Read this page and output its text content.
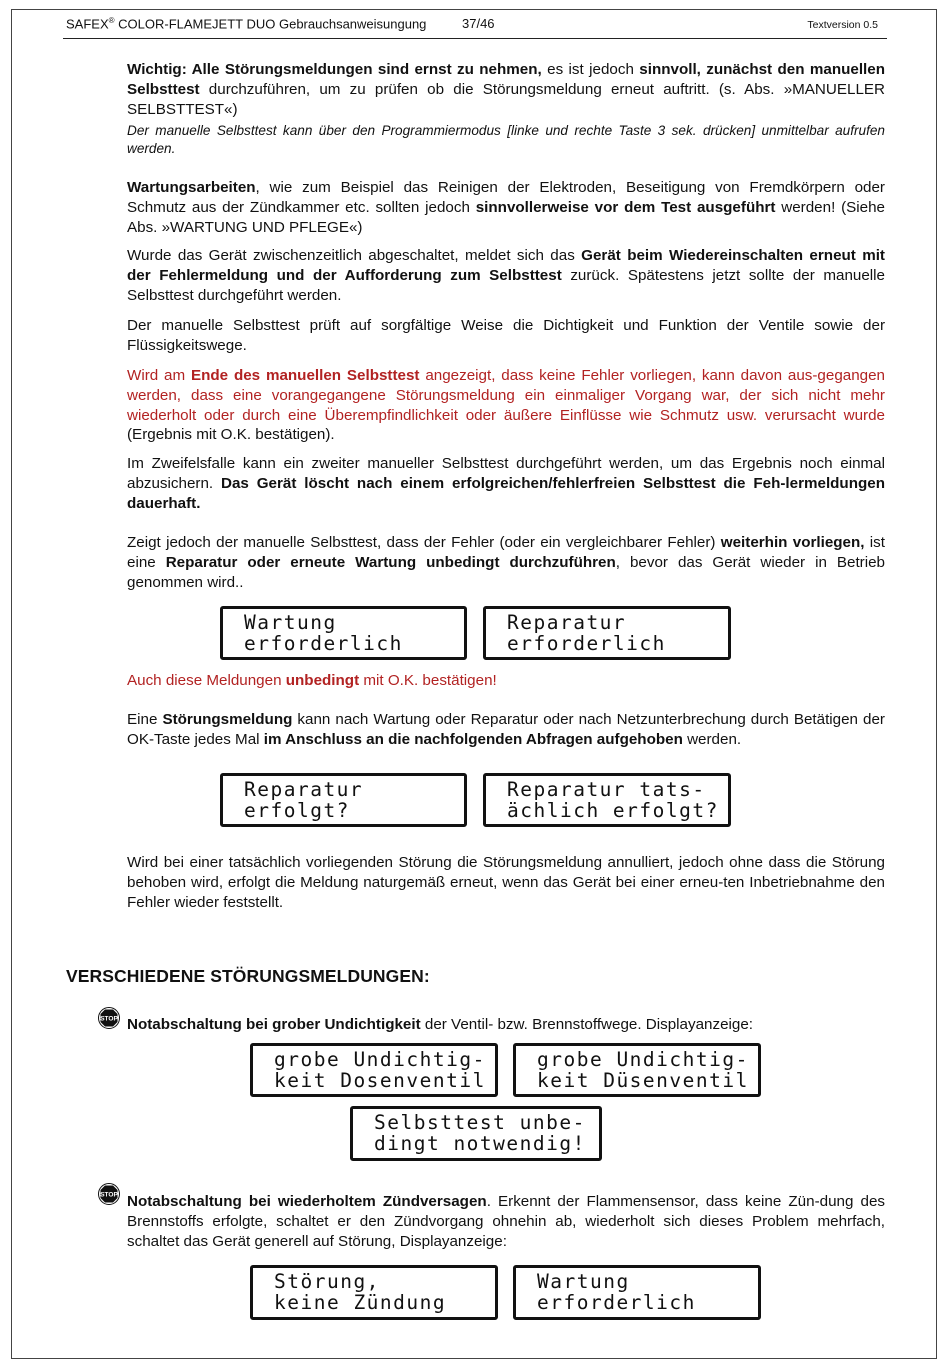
SAFEX® COLOR-FLAMEJETT DUO Gebrauchsanweisungung	37/46	Textversion 0.5

Wichtig: Alle Störungsmeldungen sind ernst zu nehmen, es ist jedoch sinnvoll, zunächst den manuellen Selbsttest durchzuführen, um zu prüfen ob die Störungsmeldung erneut auftritt. (s. Abs. »MANUELLER SELBSTTEST«)

Der manuelle Selbsttest kann über den Programmiermodus [linke und rechte Taste 3 sek. drücken] unmittelbar aufrufen werden.

Wartungsarbeiten, wie zum Beispiel das Reinigen der Elektroden, Beseitigung von Fremdkörpern oder Schmutz aus der Zündkammer etc. sollten jedoch sinnvollerweise vor dem Test ausgeführt werden! (Siehe Abs. »WARTUNG UND PFLEGE«)

Wurde das Gerät zwischenzeitlich abgeschaltet, meldet sich das Gerät beim Wiedereinschalten erneut mit der Fehlermeldung und der Aufforderung zum Selbsttest zurück. Spätestens jetzt sollte der manuelle Selbsttest durchgeführt werden.

Der manuelle Selbsttest prüft auf sorgfältige Weise die Dichtigkeit und Funktion der Ventile sowie der Flüssigkeitswege.

Wird am Ende des manuellen Selbsttest angezeigt, dass keine Fehler vorliegen, kann davon aus-gegangen werden, dass eine vorangegangene Störungsmeldung ein einmaliger Vorgang war, der sich nicht mehr wiederholt oder durch eine Überempfindlichkeit oder äußere Einflüsse wie Schmutz usw. verursacht wurde (Ergebnis mit O.K. bestätigen).

Im Zweifelsfalle kann ein zweiter manueller Selbsttest durchgeführt werden, um das Ergebnis noch einmal abzusichern. Das Gerät löscht nach einem erfolgreichen/fehlerfreien Selbsttest die Feh-lermeldungen dauerhaft.

Zeigt jedoch der manuelle Selbsttest, dass der Fehler (oder ein vergleichbarer Fehler) weiterhin vorliegen, ist eine Reparatur oder erneute Wartung unbedingt durchzuführen, bevor das Gerät wieder in Betrieb genommen wird..

Wartung
erforderlich
Reparatur
erforderlich

Auch diese Meldungen unbedingt mit O.K. bestätigen!

Eine Störungsmeldung kann nach Wartung oder Reparatur oder nach Netzunterbrechung durch Betätigen der OK-Taste jedes Mal im Anschluss an die nachfolgenden Abfragen aufgehoben werden.

Reparatur
erfolgt?
Reparatur tats-
ächlich erfolgt?

Wird bei einer tatsächlich vorliegenden Störung die Störungsmeldung annulliert, jedoch ohne dass die Störung behoben wird, erfolgt die Meldung naturgemäß erneut, wenn das Gerät bei einer erneu-ten Inbetriebnahme den Fehler wieder feststellt.

VERSCHIEDENE STÖRUNGSMELDUNGEN:
STOP Notabschaltung bei grober Undichtigkeit der Ventil- bzw. Brennstoffwege. Displayanzeige:

grobe Undichtig-
keit Dosenventil
grobe Undichtig-
keit Düsenventil
Selbsttest unbe-
dingt notwendig!
STOP Notabschaltung bei wiederholtem Zündversagen. Erkennt der Flammensensor, dass keine Zün-dung des Brennstoffs erfolgte, schaltet er den Zündvorgang ohnehin ab, wiederholt sich dieses Problem mehrfach, schaltet das Gerät generell auf Störung, Displayanzeige:

Störung,
keine Zündung
Wartung
erforderlich
